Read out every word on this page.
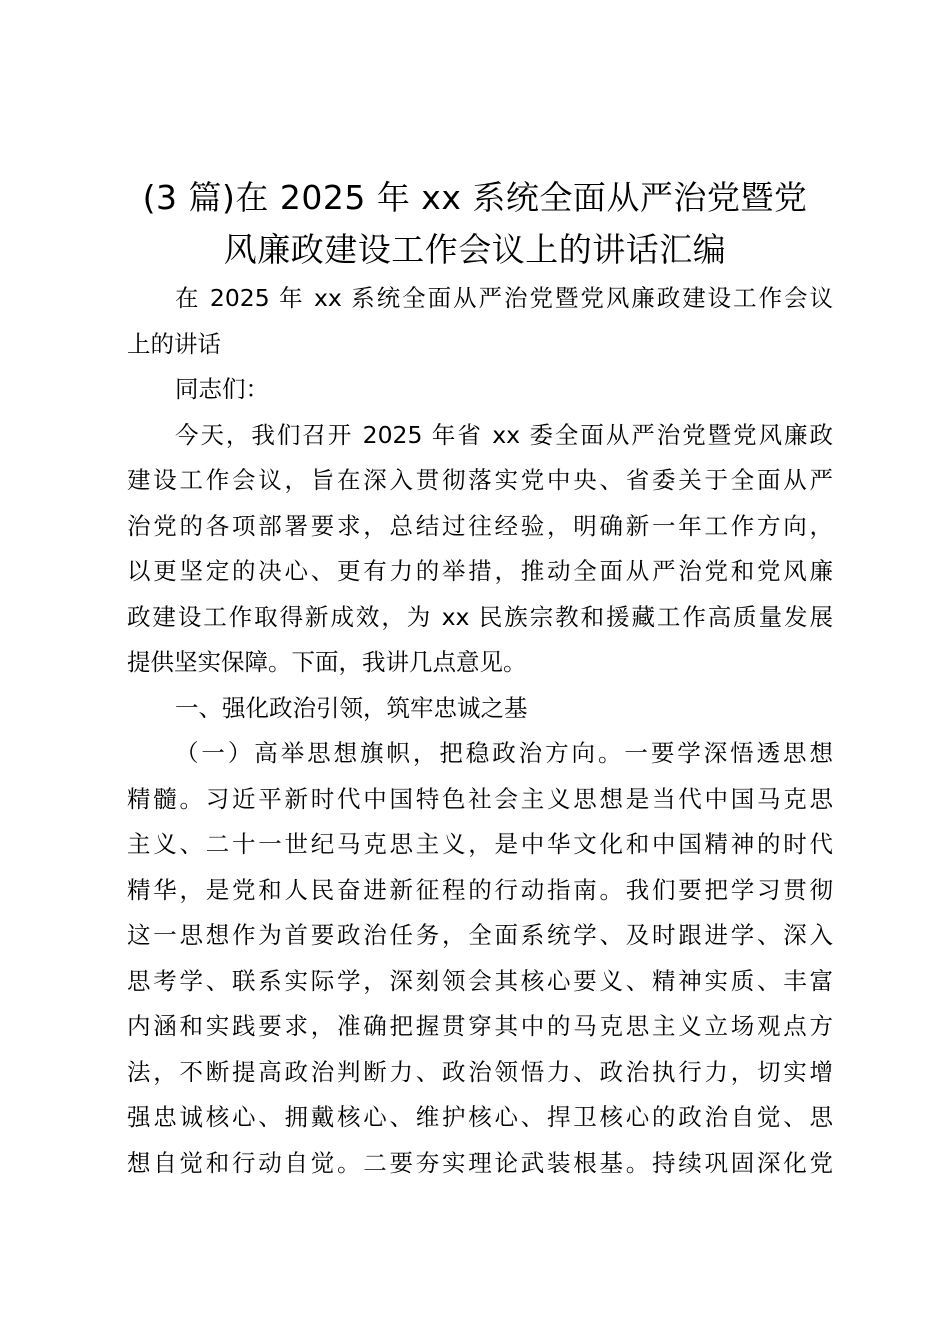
(3 篇)在 2025 年 xx 系统全面从严治党暨党
风廉政建设工作会议上的讲话汇编

在 2025 年 xx 系统全面从严治党暨党风廉政建设工作会议
上的讲话

同志们：

今天，我们召开 2025 年省 xx 委全面从严治党暨党风廉政
建设工作会议，旨在深入贯彻落实党中央、省委关于全面从严
治党的各项部署要求，总结过往经验，明确新一年工作方向，
以更坚定的决心、更有力的举措，推动全面从严治党和党风廉
政建设工作取得新成效，为 xx 民族宗教和援藏工作高质量发展
提供坚实保障。下面，我讲几点意见。

一、强化政治引领，筑牢忠诚之基

（一）高举思想旗帜，把稳政治方向。一要学深悟透思想
精髓。习近平新时代中国特色社会主义思想是当代中国马克思
主义、二十一世纪马克思主义，是中华文化和中国精神的时代
精华，是党和人民奋进新征程的行动指南。我们要把学习贯彻
这一思想作为首要政治任务，全面系统学、及时跟进学、深入
思考学、联系实际学，深刻领会其核心要义、精神实质、丰富
内涵和实践要求，准确把握贯穿其中的马克思主义立场观点方
法，不断提高政治判断力、政治领悟力、政治执行力，切实增
强忠诚核心、拥戴核心、维护核心、捍卫核心的政治自觉、思
想自觉和行动自觉。二要夯实理论武装根基。持续巩固深化党
